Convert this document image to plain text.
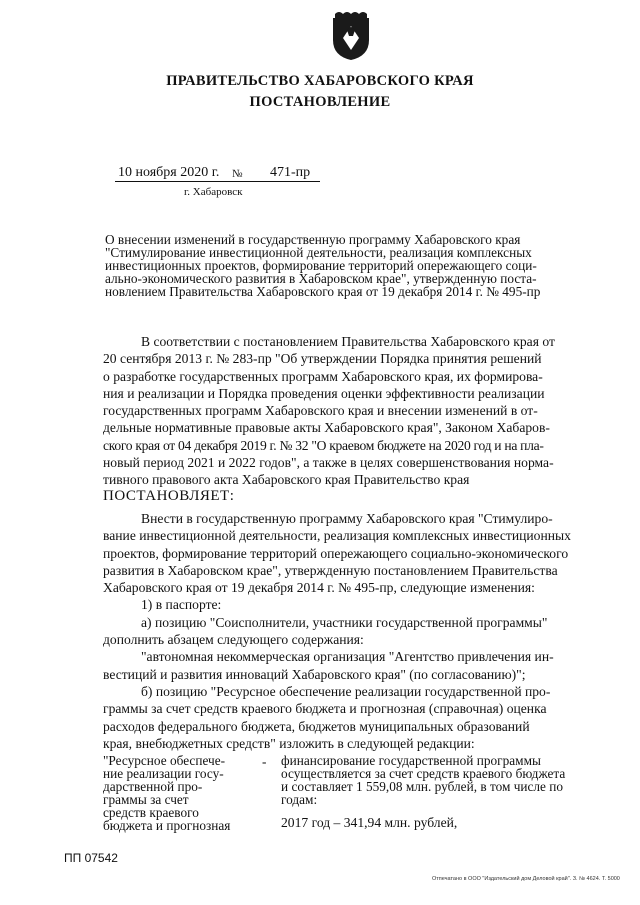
ПРАВИТЕЛЬСТВО ХАБАРОВСКОГО КРАЯ
ПОСТАНОВЛЕНИЕ
10 ноября 2020 г. № 471-пр
г. Хабаровск
О внесении изменений в государственную программу Хабаровского края
"Стимулирование инвестиционной деятельности, реализация комплексных
инвестиционных проектов, формирование территорий опережающего соци-
ально-экономического развития в Хабаровском крае", утвержденную поста-
новлением Правительства Хабаровского края от 19 декабря 2014 г. № 495-пр
В соответствии с постановлением Правительства Хабаровского края от
20 сентября 2013 г. № 283-пр "Об утверждении Порядка принятия решений
о разработке государственных программ Хабаровского края, их формирова-
ния и реализации и Порядка проведения оценки эффективности реализации
государственных программ Хабаровского края и внесении изменений в от-
дельные нормативные правовые акты Хабаровского края", Законом Хабаров-
ского края от 04 декабря 2019 г. № 32 "О краевом бюджете на 2020 год и на пла-
новый период 2021 и 2022 годов", а также в целях совершенствования норма-
тивного правового акта Хабаровского края Правительство края
ПОСТАНОВЛЯЕТ:
Внести в государственную программу Хабаровского края "Стимулиро-
вание инвестиционной деятельности, реализация комплексных инвестиционных
проектов, формирование территорий опережающего социально-экономического
развития в Хабаровском крае", утвержденную постановлением Правительства
Хабаровского края от 19 декабря 2014 г. № 495-пр, следующие изменения:
1) в паспорте:
а) позицию "Соисполнители, участники государственной программы"
дополнить абзацем следующего содержания:
"автономная некоммерческая организация "Агентство привлечения ин-
вестиций и развития инноваций Хабаровского края" (по согласованию)";
б) позицию "Ресурсное обеспечение реализации государственной про-
граммы за счет средств краевого бюджета и прогнозная (справочная) оценка
расходов федерального бюджета, бюджетов муниципальных образований
края, внебюджетных средств" изложить в следующей редакции:
"Ресурсное обеспече-
ние реализации госу-
дарственной про-
граммы за счет
средств краевого
бюджета и прогнозная
- финансирование государственной программы
осуществляется за счет средств краевого бюджета
и составляет 1 559,08 млн. рублей, в том числе по
годам:
2017 год – 341,94 млн. рублей,
ПП 07542
Отпечатано в ООО "Издательский дом Деловой край". З. № 4624. Т. 5000
